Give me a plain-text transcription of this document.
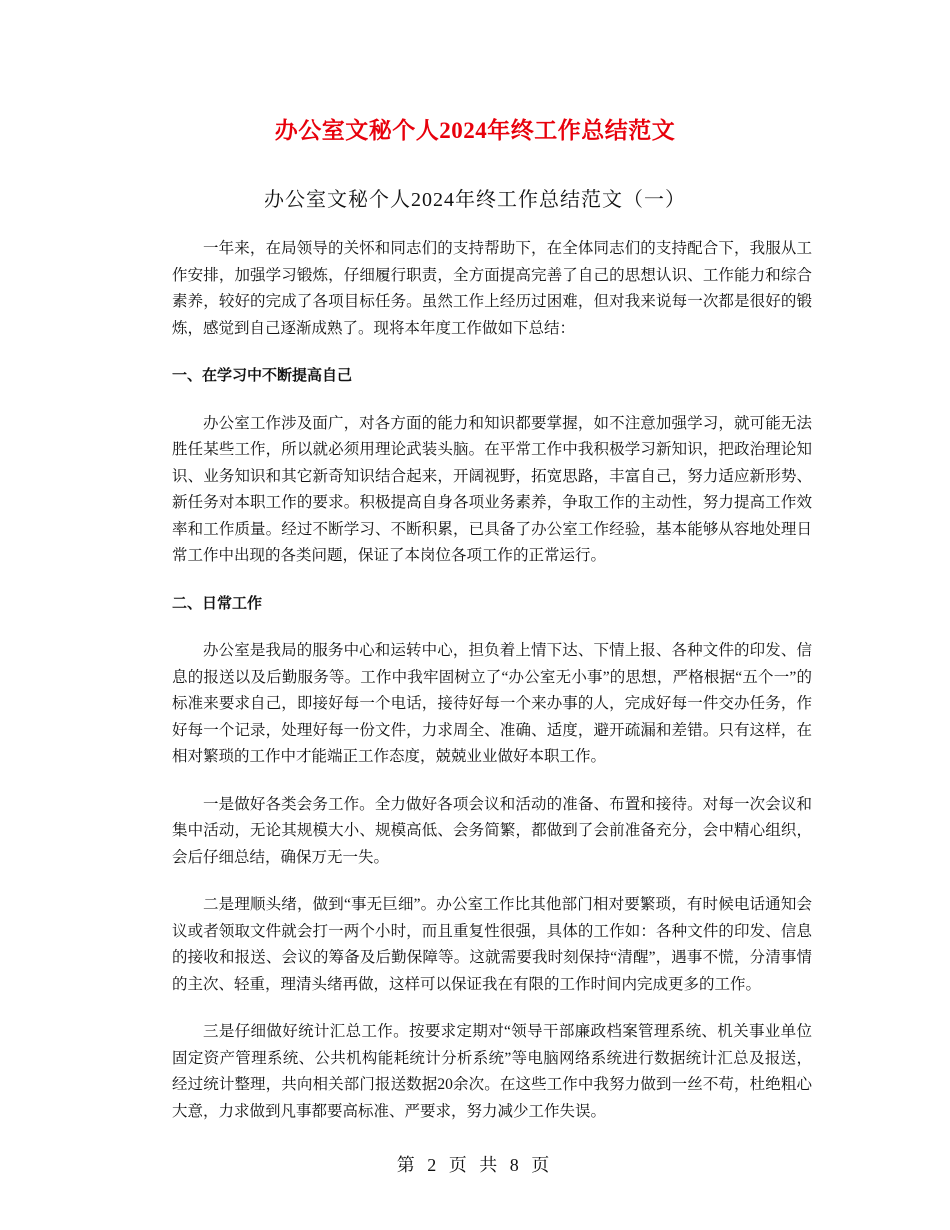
办公室文秘个人2024年终工作总结范文
办公室文秘个人2024年终工作总结范文（一）

一年来，在局领导的关怀和同志们的支持帮助下，在全体同志们的支持配合下，我服从工作安排，加强学习锻炼，仔细履行职责，全方面提高完善了自己的思想认识、工作能力和综合素养，较好的完成了各项目标任务。虽然工作上经历过困难，但对我来说每一次都是很好的锻炼，感觉到自己逐渐成熟了。现将本年度工作做如下总结：

一、在学习中不断提高自己

办公室工作涉及面广，对各方面的能力和知识都要掌握，如不注意加强学习，就可能无法胜任某些工作，所以就必须用理论武装头脑。在平常工作中我积极学习新知识，把政治理论知识、业务知识和其它新奇知识结合起来，开阔视野，拓宽思路，丰富自己，努力适应新形势、新任务对本职工作的要求。积极提高自身各项业务素养，争取工作的主动性，努力提高工作效率和工作质量。经过不断学习、不断积累，已具备了办公室工作经验，基本能够从容地处理日常工作中出现的各类问题，保证了本岗位各项工作的正常运行。

二、日常工作

办公室是我局的服务中心和运转中心，担负着上情下达、下情上报、各种文件的印发、信息的报送以及后勤服务等。工作中我牢固树立了“办公室无小事”的思想，严格根据“五个一”的标准来要求自己，即接好每一个电话，接待好每一个来办事的人，完成好每一件交办任务，作好每一个记录，处理好每一份文件，力求周全、准确、适度，避开疏漏和差错。只有这样，在相对繁琐的工作中才能端正工作态度，兢兢业业做好本职工作。

一是做好各类会务工作。全力做好各项会议和活动的准备、布置和接待。对每一次会议和集中活动，无论其规模大小、规模高低、会务简繁，都做到了会前准备充分，会中精心组织，会后仔细总结，确保万无一失。

二是理顺头绪，做到“事无巨细”。办公室工作比其他部门相对要繁琐，有时候电话通知会议或者领取文件就会打一两个小时，而且重复性很强，具体的工作如：各种文件的印发、信息的接收和报送、会议的筹备及后勤保障等。这就需要我时刻保持“清醒”，遇事不慌，分清事情的主次、轻重，理清头绪再做，这样可以保证我在有限的工作时间内完成更多的工作。

三是仔细做好统计汇总工作。按要求定期对“领导干部廉政档案管理系统、机关事业单位固定资产管理系统、公共机构能耗统计分析系统”等电脑网络系统进行数据统计汇总及报送，经过统计整理，共向相关部门报送数据20余次。在这些工作中我努力做到一丝不苟，杜绝粗心大意，力求做到凡事都要高标准、严要求，努力减少工作失误。

第 2 页 共 8 页
